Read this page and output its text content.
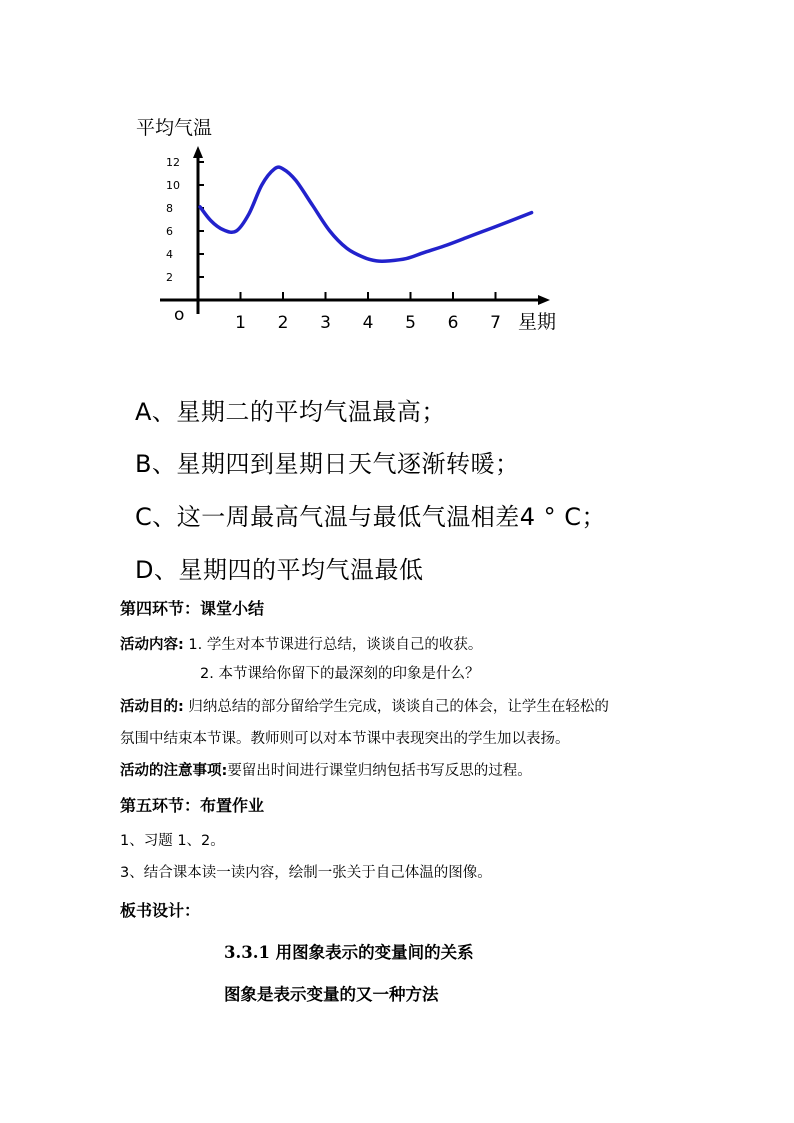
2
4
6
8
10
12
1 2 3 4 5 6 7
o	星期
平均气温
A、星期二的平均气温最高；
B、星期四到星期日天气逐渐转暖；
C、这一周最高气温与最低气温相差4 ° C；
D、星期四的平均气温最低
第四环节：课堂小结
活动内容: 1. 学生对本节课进行总结，谈谈自己的收获。
2. 本节课给你留下的最深刻的印象是什么？
活动目的: 归纳总结的部分留给学生完成，谈谈自己的体会，让学生在轻松的
氛围中结束本节课。教师则可以对本节课中表现突出的学生加以表扬。
活动的注意事项:要留出时间进行课堂归纳包括书写反思的过程。
第五环节：布置作业
1、习题 1、2。
3、结合课本读一读内容，绘制一张关于自己体温的图像。
板书设计：
3.3.1 用图象表示的变量间的关系
图象是表示变量的又一种方法
